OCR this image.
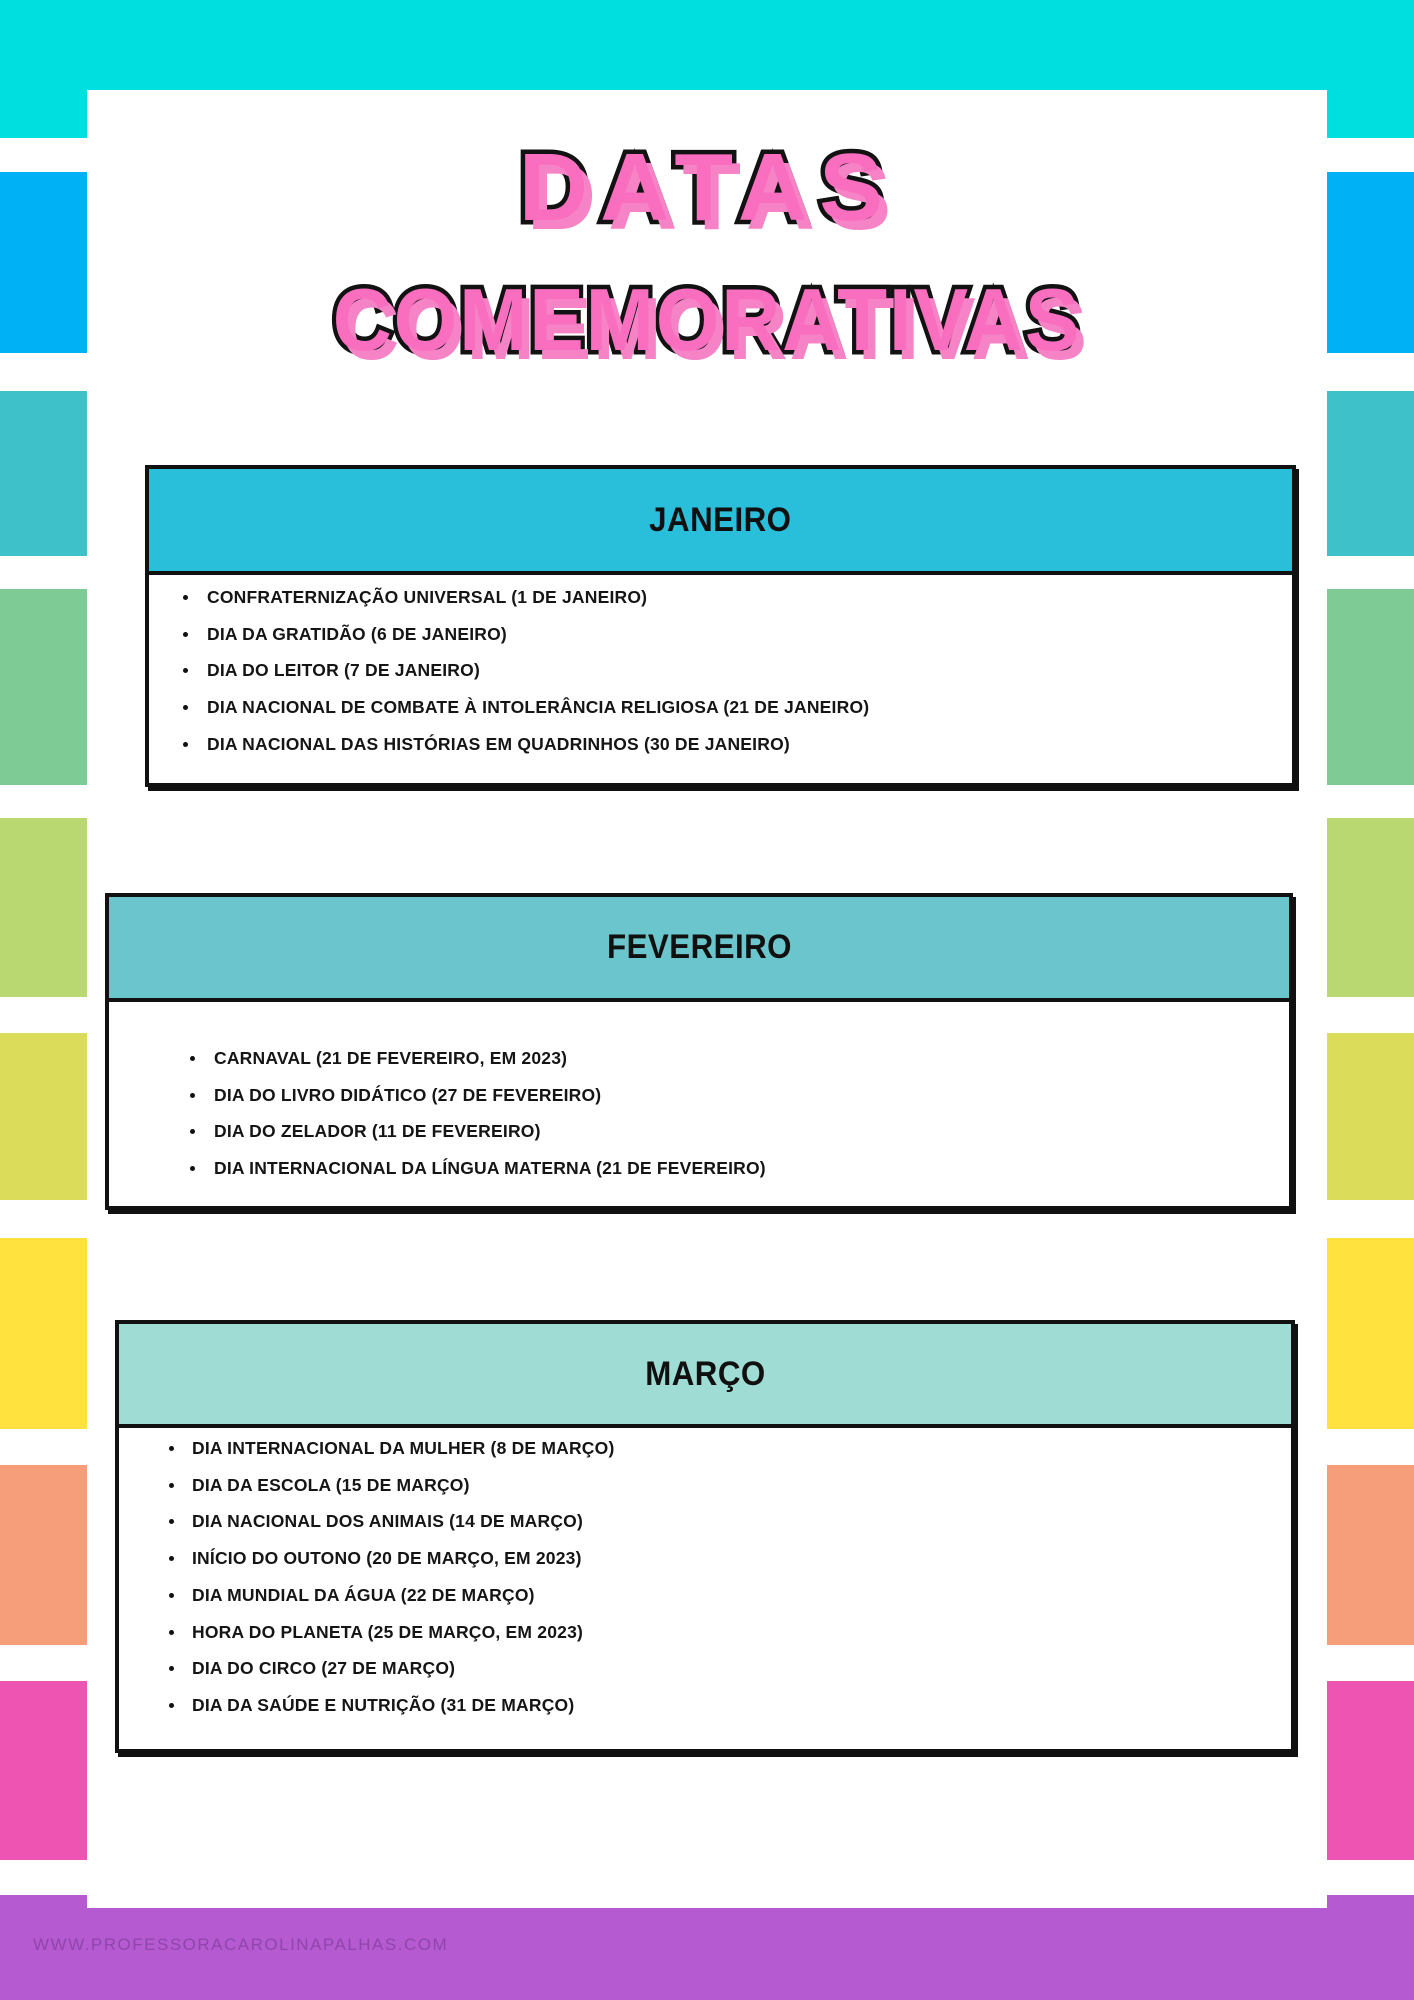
DATAS
COMEMORATIVAS
JANEIRO
CONFRATERNIZAÇÃO UNIVERSAL (1 DE JANEIRO)
DIA DA GRATIDÃO (6 DE JANEIRO)
DIA DO LEITOR (7 DE JANEIRO)
DIA NACIONAL DE COMBATE À INTOLERÂNCIA RELIGIOSA (21 DE JANEIRO)
DIA NACIONAL DAS HISTÓRIAS EM QUADRINHOS (30 DE JANEIRO)
FEVEREIRO
CARNAVAL (21 DE FEVEREIRO, EM 2023)
DIA DO LIVRO DIDÁTICO (27 DE FEVEREIRO)
DIA DO ZELADOR (11 DE FEVEREIRO)
DIA INTERNACIONAL DA LÍNGUA MATERNA (21 DE FEVEREIRO)
MARÇO
DIA INTERNACIONAL DA MULHER (8 DE MARÇO)
DIA DA ESCOLA (15 DE MARÇO)
DIA NACIONAL DOS ANIMAIS (14 DE MARÇO)
INÍCIO DO OUTONO (20 DE MARÇO, EM 2023)
DIA MUNDIAL DA ÁGUA (22 DE MARÇO)
HORA DO PLANETA (25 DE MARÇO, EM 2023)
DIA DO CIRCO (27 DE MARÇO)
DIA DA SAÚDE E NUTRIÇÃO (31 DE MARÇO)
WWW.PROFESSORACAROLINAPALHAS.COM
